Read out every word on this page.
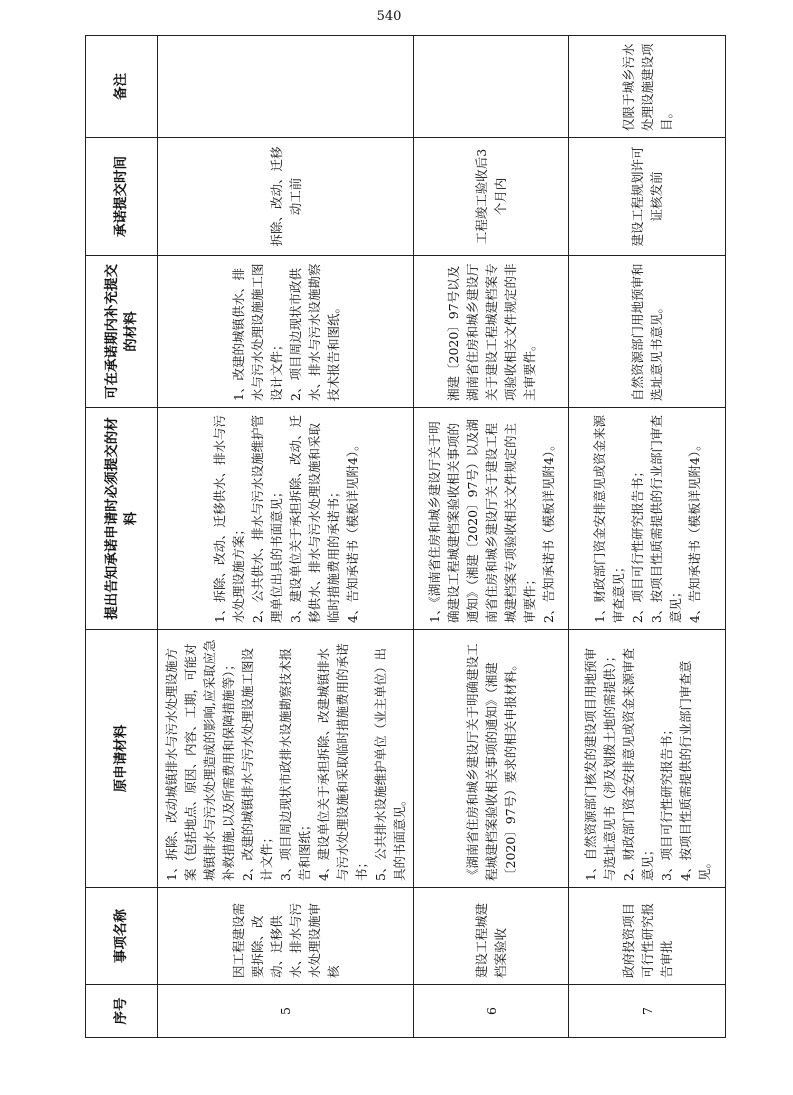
序号	事项名称	原申请材料	提出告知承诺申请时必须提交的材料	可在承诺期内补充提交的材料	承诺提交时间	备注
5	因工程建设需要拆除、改动、迁移供水、排水与污水处理设施审核	1、拆除、改动城镇排水与污水处理设施方案（包括地点、原因、内容、工期，可能对城镇排水与污水处理造成的影响,应采取应急补救措施,以及所需费用和保障措施等）； 2、改建的城镇排水与污水处理设施工图设计文件； 3、项目周边现状市政排水设施勘察技术报告和图纸； 4、建设单位关于承担拆除、改建城镇排水与污水处理设施和采取临时措施费用的承诺书； 5、公共排水设施维护单位（业主单位）出具的书面意见。	1、拆除、改动、迁移供水、排水与污水处理设施方案； 2、公共供水、排水与污水设施维护管理单位出具的书面意见； 3、建设单位关于承担拆除、改动、迁移供水、排水与污水处理设施和采取临时措施费用的承诺书； 4、告知承诺书（模板详见附4）。	1、改建的城镇供水、排水与污水处理设施施工图设计文件； 2、项目周边现状市政供水、排水与污水设施勘察技术报告和图纸。	拆除、改动、迁移动工前	
6	建设工程城建档案验收	《湖南省住房和城乡建设厅关于明确建设工程城建档案验收相关事项的通知》（湘建〔2020〕97号）要求的相关申报材料。	1、《湖南省住房和城乡建设厅关于明确建设工程城建档案验收相关事项的通知》（湘建〔2020〕97号）以及湖南省住房和城乡建设厅关于建设工程城建档案专项验收相关文件规定的主审要件； 2、告知承诺书（模板详见附4）。	湘建〔2020〕97号以及湖南省住房和城乡建设厅关于建设工程城建档案专项验收相关文件规定的非主审要件。	工程竣工验收后3个月内	
7	政府投资项目可行性研究报告审批	1、自然资源部门核发的建设项目用地预审与选址意见书（涉及划拨土地的需提供）； 2、财政部门资金安排意见或资金来源审查意见； 3、项目可行性研究报告书； 4、按项目性质需提供的行业部门审查意见。	1、财政部门资金安排意见或资金来源审查意见； 2、项目可行性研究报告书； 3、按项目性质需提供的行业部门审查意见； 4、告知承诺书（模板详见附4）。	自然资源部门用地预审和选址意见书意见。	建设工程规划许可证核发前	仅限于城乡污水处理设施建设项目。
540
